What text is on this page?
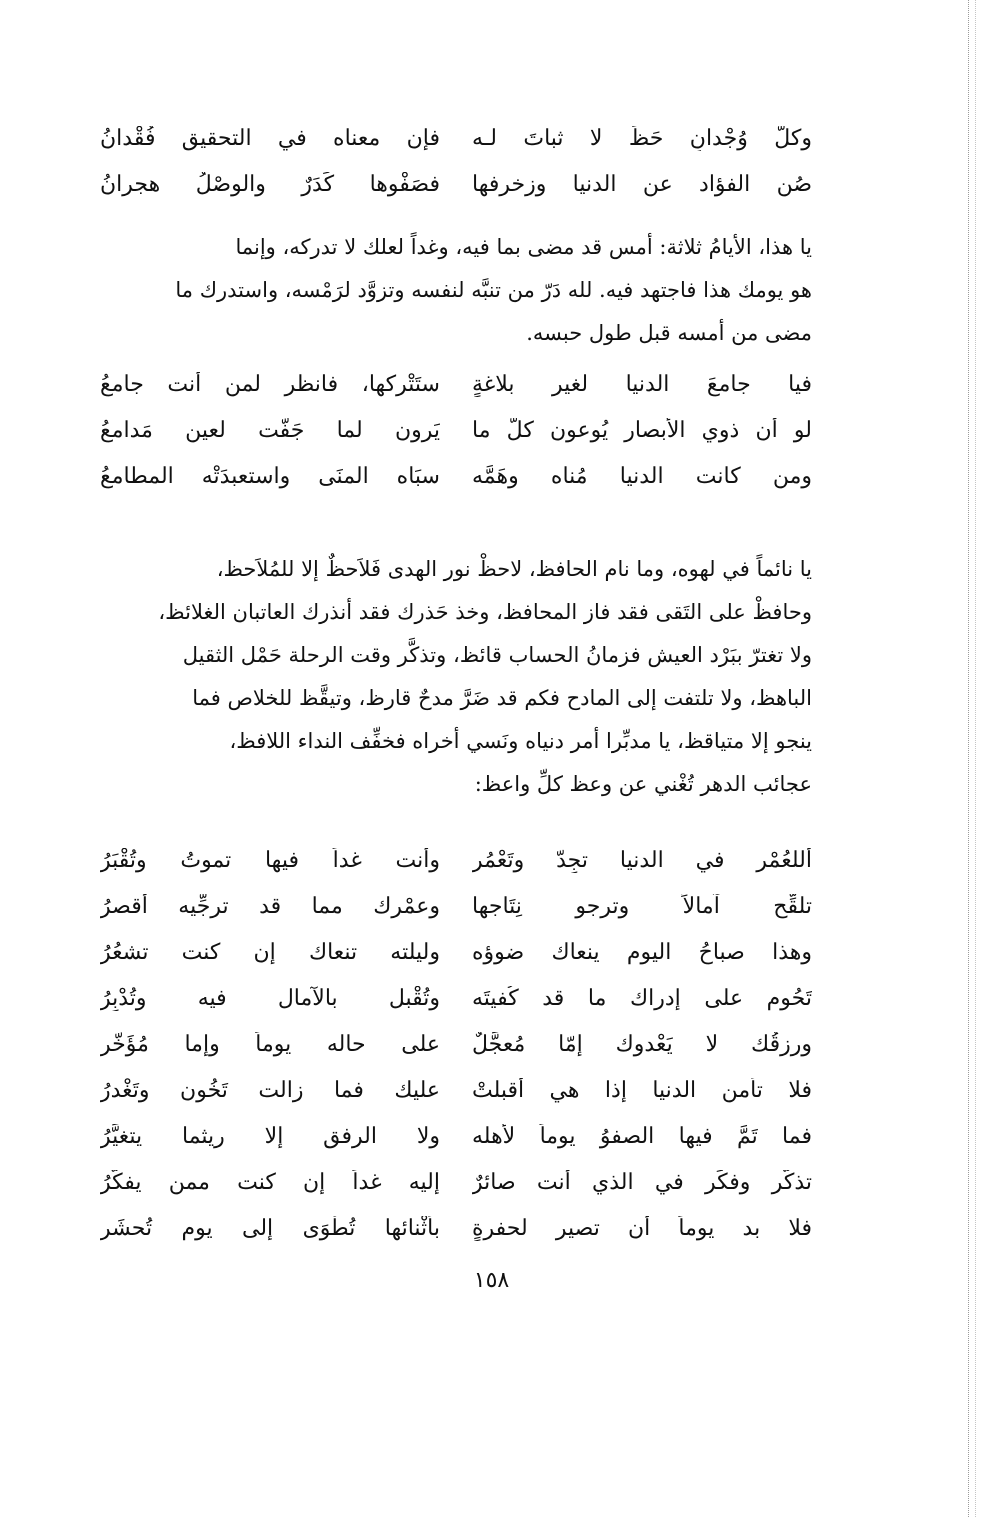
وكلُّ وُجْدانٍ حَظٍّ لا ثباتَ لـه
فإن معناه في التحقيق فُقْدانُ
صُنِ الفؤاد عن الدنيا وزخرفها
فصَفْوها كَدَرٌ والوصْلُ هجرانُ

يا هذا، الأيامُ ثلاثة: أمس قد مضى بما فيه، وغداً لعلك لا تدركه، وإنما

هو يومك هذا فاجتهد فيه. لله دَرّ من تنبَّه لنفسه وتزوَّد لرَمْسه، واستدرك ما

مضى من أمسه قبل طول حبسه.

فيا جامعَ الدنيا لغير بلاغةٍ
ستَتْركها، فانظر لمن أنت جامعُ
لو أن ذوي الأبصار يُوعون كلَّ ما
يَرون لما جَفَّت لعين مَدامعُ
ومن كانت الدنيا مُناه وهَمَّه
سبَاه المنَى واستعبدَتْه المطامعُ

يا نائماً في لهوه، وما نام الحافظ، لاحظْ نور الهدى فَلاَحظٌ إلا للمُلاَحظ،

وحافظْ على التَقى فقد فاز المحافظ، وخذ حَذرك فقد أنذرك العاتبان الغلائظ،

ولا تغترّ ببَرْد العيش فزمانُ الحساب قائظ، وتذكَّر وقت الرحلة حَمْل الثقيل

الباهظ، ولا تلتفت إلى المادح فكم قد ضَرَّ مدحٌ قارظ، وتيقَّظ للخلاص فما

ينجو إلا متياقظ، يا مدبِّرا أمر دنياه ونَسي أخراه فخفِّف النداء اللافظ،

عجائب الدهر تُغْني عن وعظ كلِّ واعظ:

أللعُمْر في الدنيا تجِدّ وتَعْمُر
وأنت غداً فيها تموتُ وتُقْبَرُ
تلقِّح آمالاً وترجو نِتَاجها
وعمْرك مما قد ترجِّيه أقصرُ
وهذا صباحُ اليوم ينعاك ضوؤه
وليلته تنعاك إن كنت تشعُرُ
تَحُوم على إدراك ما قد كُفيتَه
وتُقْبل بالآمال فيه وتُدْبِرُ
ورزقُك لا يَعْدوك إمّا مُعجَّلٌ
على حاله يوماً وإما مُؤَخَّر
فلا تأمن الدنيا إذا هي أقبلتْ
عليك فما زالت تَخُون وتَغْدرُ
فما تَمَّ فيها الصفوُ يوماً لأهله
ولا الرفق إلا ريثما يتغيَّرُ
تذكَّر وفكِّر في الذي أنت صائرٌ
إليه غداً إن كنت ممن يفكّرُ
فلا بد يوماً أن تصير لحفرةٍ
بأثْنائها تُطْوَى إلى يوم تُحشَر
١٥٨
